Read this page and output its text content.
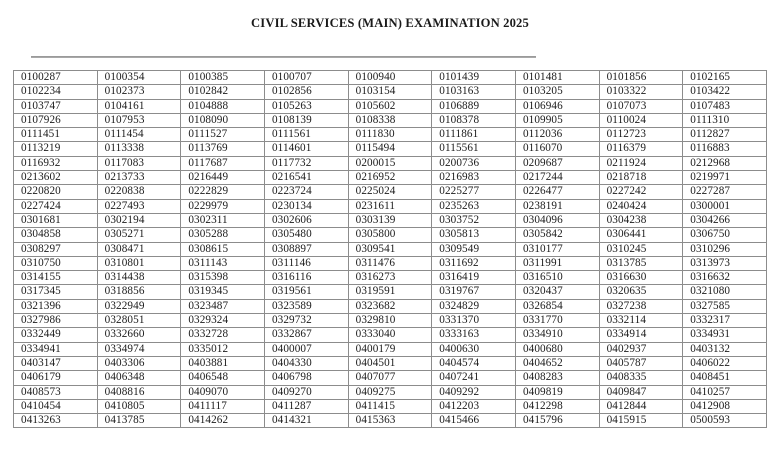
CIVIL SERVICES (MAIN) EXAMINATION 2025
0100287	0100354	0100385	0100707	0100940	0101439	0101481	0101856	0102165
0102234	0102373	0102842	0102856	0103154	0103163	0103205	0103322	0103422
0103747	0104161	0104888	0105263	0105602	0106889	0106946	0107073	0107483
0107926	0107953	0108090	0108139	0108338	0108378	0109905	0110024	0111310
0111451	0111454	0111527	0111561	0111830	0111861	0112036	0112723	0112827
0113219	0113338	0113769	0114601	0115494	0115561	0116070	0116379	0116883
0116932	0117083	0117687	0117732	0200015	0200736	0209687	0211924	0212968
0213602	0213733	0216449	0216541	0216952	0216983	0217244	0218718	0219971
0220820	0220838	0222829	0223724	0225024	0225277	0226477	0227242	0227287
0227424	0227493	0229979	0230134	0231611	0235263	0238191	0240424	0300001
0301681	0302194	0302311	0302606	0303139	0303752	0304096	0304238	0304266
0304858	0305271	0305288	0305480	0305800	0305813	0305842	0306441	0306750
0308297	0308471	0308615	0308897	0309541	0309549	0310177	0310245	0310296
0310750	0310801	0311143	0311146	0311476	0311692	0311991	0313785	0313973
0314155	0314438	0315398	0316116	0316273	0316419	0316510	0316630	0316632
0317345	0318856	0319345	0319561	0319591	0319767	0320437	0320635	0321080
0321396	0322949	0323487	0323589	0323682	0324829	0326854	0327238	0327585
0327986	0328051	0329324	0329732	0329810	0331370	0331770	0332114	0332317
0332449	0332660	0332728	0332867	0333040	0333163	0334910	0334914	0334931
0334941	0334974	0335012	0400007	0400179	0400630	0400680	0402937	0403132
0403147	0403306	0403881	0404330	0404501	0404574	0404652	0405787	0406022
0406179	0406348	0406548	0406798	0407077	0407241	0408283	0408335	0408451
0408573	0408816	0409070	0409270	0409275	0409292	0409819	0409847	0410257
0410454	0410805	0411117	0411287	0411415	0412203	0412298	0412844	0412908
0413263	0413785	0414262	0414321	0415363	0415466	0415796	0415915	0500593
